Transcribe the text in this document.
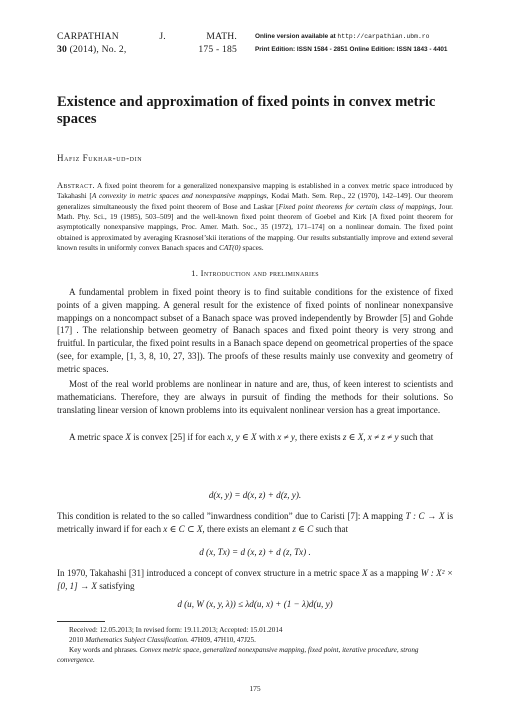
CARPATHIAN	J.	MATH.
30 (2014), No. 2,	175 - 185
Online version available at http://carpathian.ubm.ro
Print Edition: ISSN 1584 - 2851 Online Edition: ISSN 1843 - 4401
Existence and approximation of fixed points in convex metric spaces
Hafiz Fukhar-ud-din
Abstract. A fixed point theorem for a generalized nonexpansive mapping is established in a convex metric space introduced by Takahashi [A convexity in metric spaces and nonexpansive mappings, Kodai Math. Sem. Rep., 22 (1970), 142–149]. Our theorem generalizes simultaneously the fixed point theorem of Bose and Laskar [Fixed point theorems for certain class of mappings, Jour. Math. Phy. Sci., 19 (1985), 503–509] and the well-known fixed point theorem of Goebel and Kirk [A fixed point theorem for asymptotically nonexpansive mappings, Proc. Amer. Math. Soc., 35 (1972), 171–174] on a nonlinear domain. The fixed point obtained is approximated by averaging Krasnosel’skii iterations of the mapping. Our results substantially improve and extend several known results in uniformly convex Banach spaces and CAT(0) spaces.
1. Introduction and preliminaries

A fundamental problem in fixed point theory is to find suitable conditions for the existence of fixed points of a given mapping. A general result for the existence of fixed points of nonlinear nonexpansive mappings on a noncompact subset of a Banach space was proved independently by Browder [5] and Gohde [17] . The relationship between geometry of Banach spaces and fixed point theory is very strong and fruitful. In particular, the fixed point results in a Banach space depend on geometrical properties of the space (see, for example, [1, 3, 8, 10, 27, 33]). The proofs of these results mainly use convexity and geometry of metric spaces.

Most of the real world problems are nonlinear in nature and are, thus, of keen interest to scientists and mathematicians. Therefore, they are always in pursuit of finding the methods for their solutions. So translating linear version of known problems into its equivalent nonlinear version has a great importance.

A metric space X is convex [25] if for each x, y ∈ X with x ≠ y, there exists z ∈ X, x ≠ z ≠ y such that

d(x, y) = d(x, z) + d(z, y).

This condition is related to the so called ”inwardness condition” due to Caristi [7]: A mapping T : C → X is metrically inward if for each x ∈ C ⊂ X, there exists an elemant z ∈ C such that

d (x, Tx) = d (x, z) + d (z, Tx) .

In 1970, Takahashi [31] introduced a concept of convex structure in a metric space X as a mapping W : X² × [0, 1] → X satisfying

d (u, W (x, y, λ)) ≤ λd(u, x) + (1 − λ)d(u, y)

Received: 12.05.2013; In revised form: 19.11.2013; Accepted: 15.01.2014

2010 Mathematics Subject Classification. 47H09, 47H10, 47J25.

Key words and phrases. Convex metric space, generalized nonexpansive mapping, fixed point, iterative procedure, strong convergence.

175
